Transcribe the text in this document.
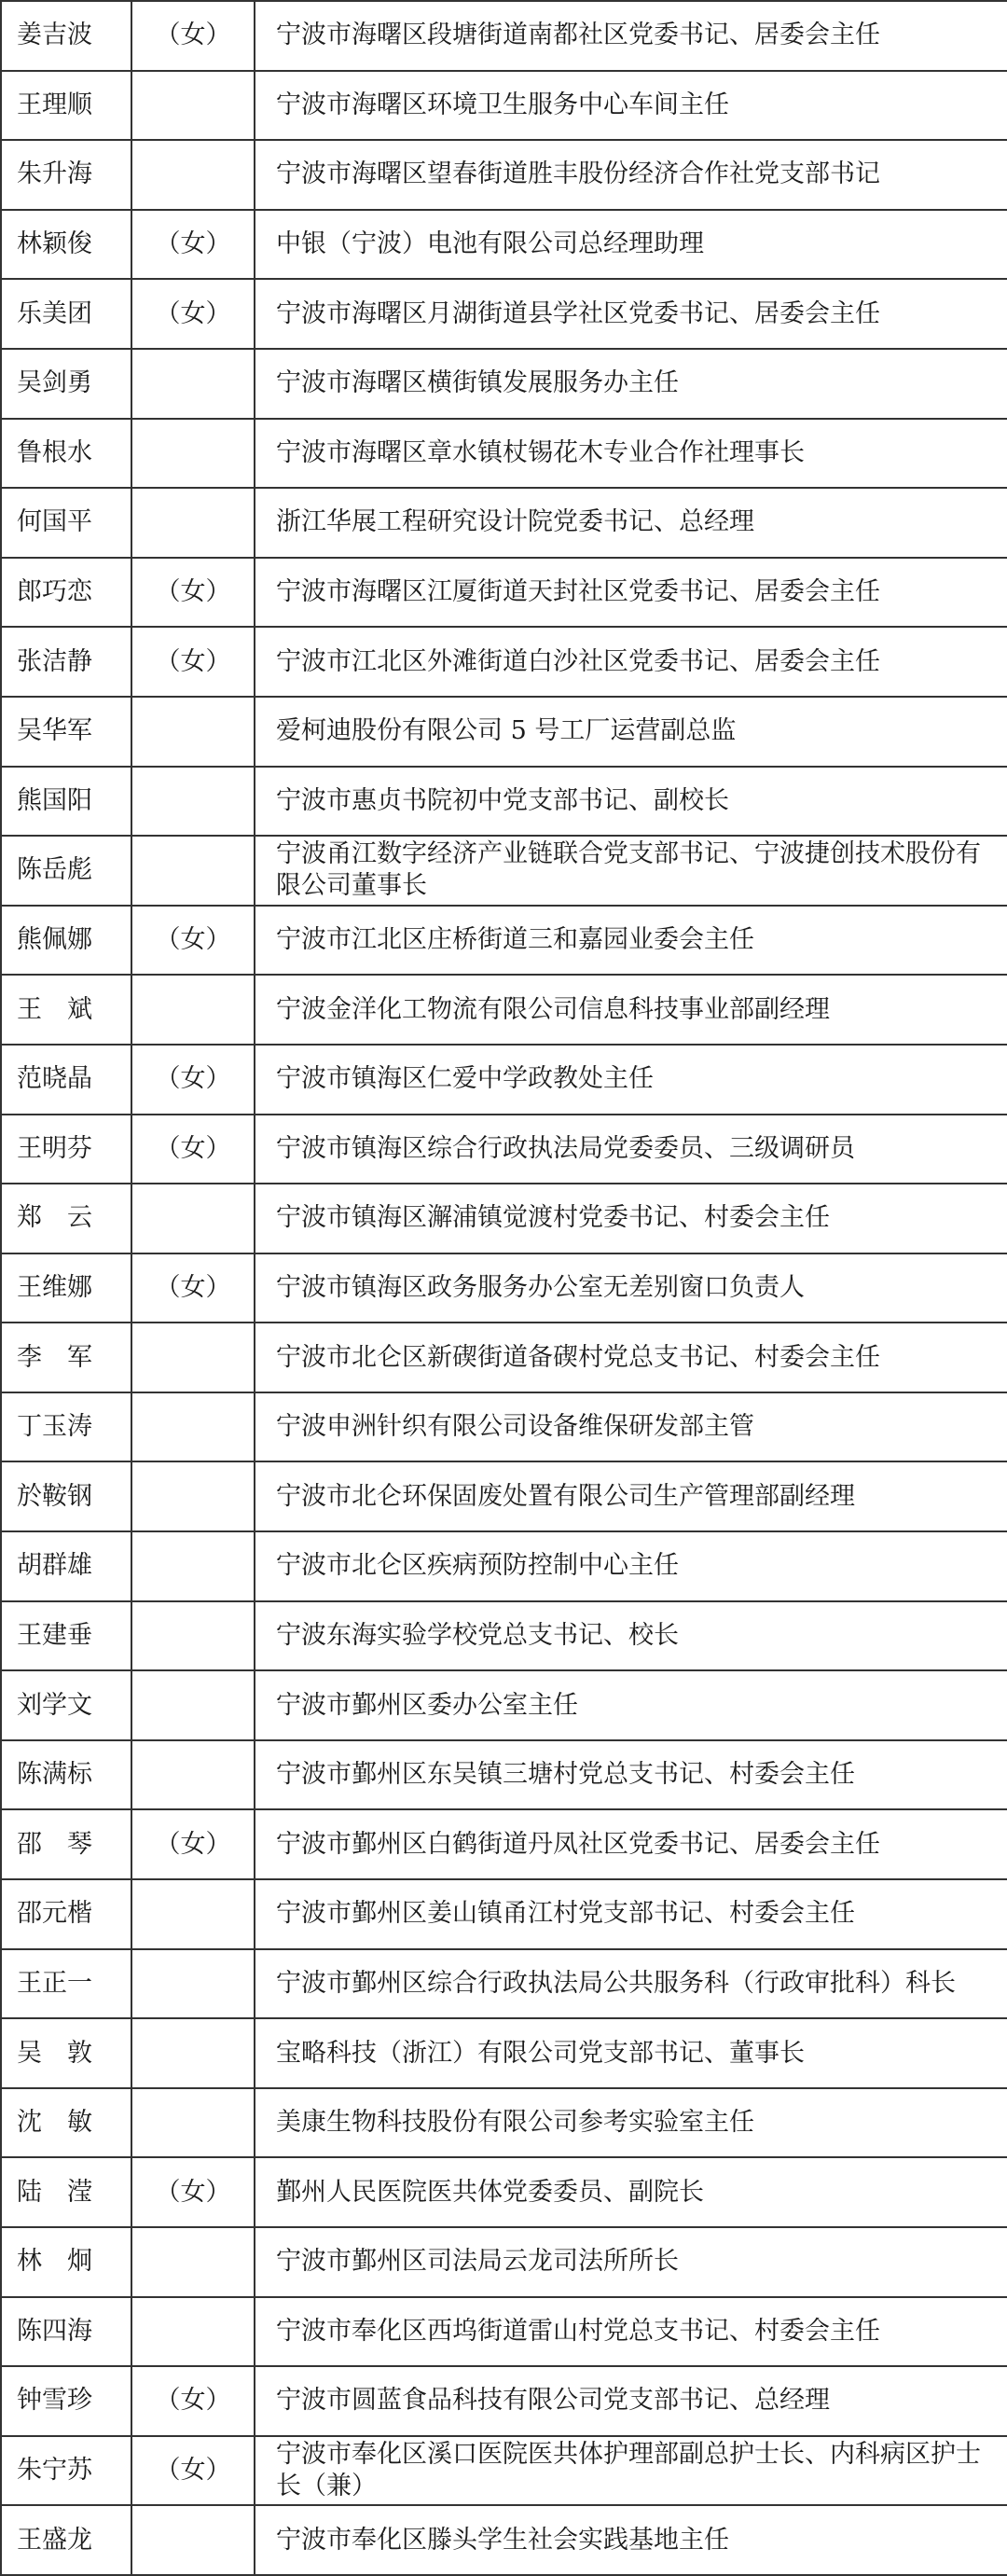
姜吉波	（女）	宁波市海曙区段塘街道南都社区党委书记、居委会主任
王理顺		宁波市海曙区环境卫生服务中心车间主任
朱升海		宁波市海曙区望春街道胜丰股份经济合作社党支部书记
林颖俊	（女）	中银（宁波）电池有限公司总经理助理
乐美团	（女）	宁波市海曙区月湖街道县学社区党委书记、居委会主任
吴剑勇		宁波市海曙区横街镇发展服务办主任
鲁根水		宁波市海曙区章水镇杖锡花木专业合作社理事长
何国平		浙江华展工程研究设计院党委书记、总经理
郎巧恋	（女）	宁波市海曙区江厦街道天封社区党委书记、居委会主任
张洁静	（女）	宁波市江北区外滩街道白沙社区党委书记、居委会主任
吴华军		爱柯迪股份有限公司 5 号工厂运营副总监
熊国阳		宁波市惠贞书院初中党支部书记、副校长
陈岳彪		宁波甬江数字经济产业链联合党支部书记、宁波捷创技术股份有限公司董事长
熊佩娜	（女）	宁波市江北区庄桥街道三和嘉园业委会主任
王　斌		宁波金洋化工物流有限公司信息科技事业部副经理
范晓晶	（女）	宁波市镇海区仁爱中学政教处主任
王明芬	（女）	宁波市镇海区综合行政执法局党委委员、三级调研员
郑　云		宁波市镇海区澥浦镇觉渡村党委书记、村委会主任
王维娜	（女）	宁波市镇海区政务服务办公室无差别窗口负责人
李　军		宁波市北仑区新碶街道备碶村党总支书记、村委会主任
丁玉涛		宁波申洲针织有限公司设备维保研发部主管
於鞍钢		宁波市北仑环保固废处置有限公司生产管理部副经理
胡群雄		宁波市北仑区疾病预防控制中心主任
王建垂		宁波东海实验学校党总支书记、校长
刘学文		宁波市鄞州区委办公室主任
陈满标		宁波市鄞州区东吴镇三塘村党总支书记、村委会主任
邵　琴	（女）	宁波市鄞州区白鹤街道丹凤社区党委书记、居委会主任
邵元楷		宁波市鄞州区姜山镇甬江村党支部书记、村委会主任
王正一		宁波市鄞州区综合行政执法局公共服务科（行政审批科）科长
吴　敦		宝略科技（浙江）有限公司党支部书记、董事长
沈　敏		美康生物科技股份有限公司参考实验室主任
陆　滢	（女）	鄞州人民医院医共体党委委员、副院长
林　炯		宁波市鄞州区司法局云龙司法所所长
陈四海		宁波市奉化区西坞街道雷山村党总支书记、村委会主任
钟雪珍	（女）	宁波市圆蓝食品科技有限公司党支部书记、总经理
朱宁苏	（女）	宁波市奉化区溪口医院医共体护理部副总护士长、内科病区护士长（兼）
王盛龙		宁波市奉化区滕头学生社会实践基地主任
